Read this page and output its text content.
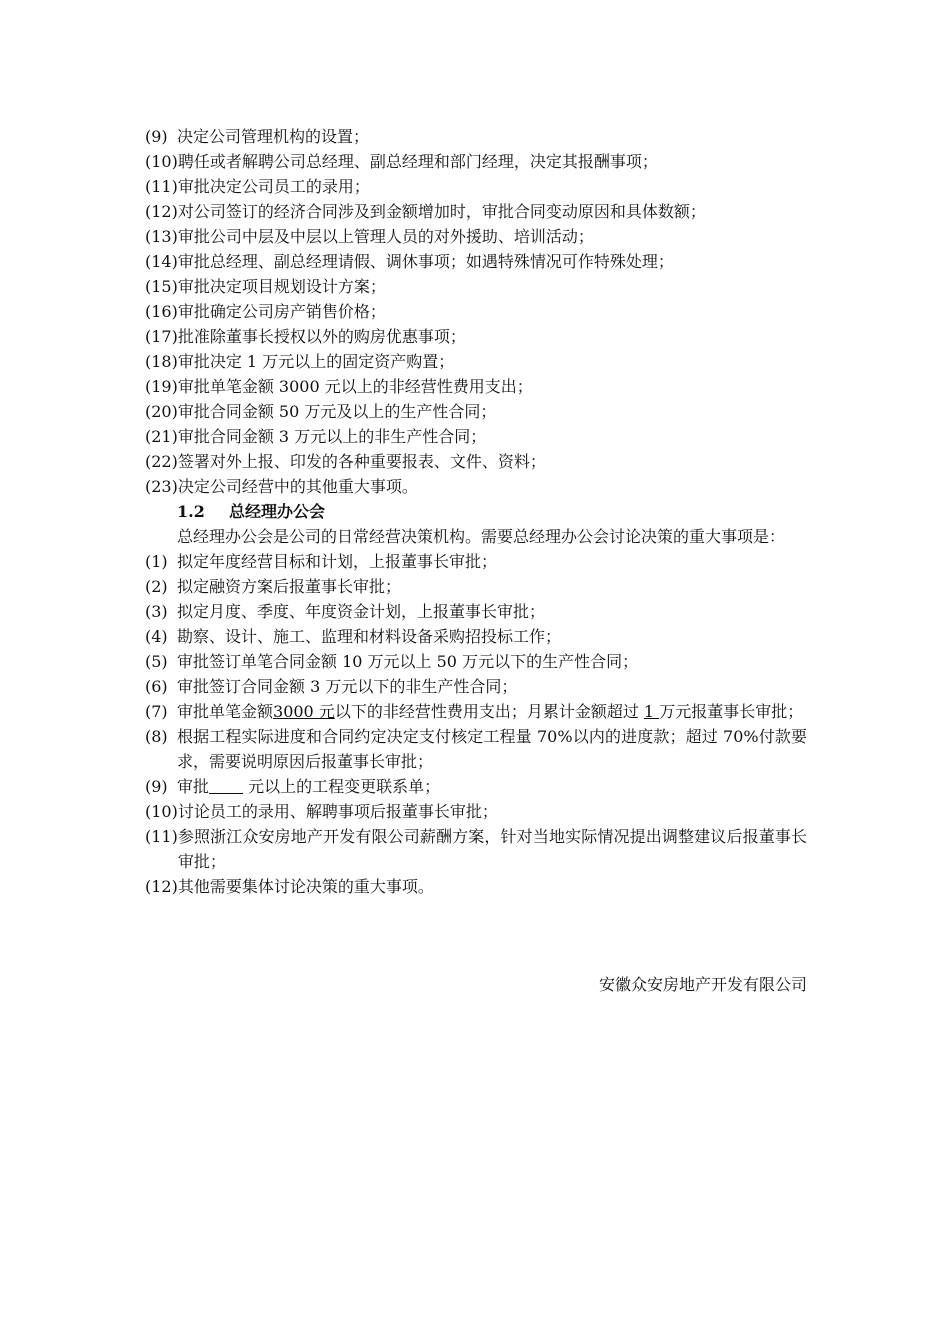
(9) 决定公司管理机构的设置；
(10) 聘任或者解聘公司总经理、副总经理和部门经理，决定其报酬事项；
(11) 审批决定公司员工的录用；
(12) 对公司签订的经济合同涉及到金额增加时，审批合同变动原因和具体数额；
(13) 审批公司中层及中层以上管理人员的对外援助、培训活动；
(14) 审批总经理、副总经理请假、调休事项；如遇特殊情况可作特殊处理；
(15) 审批决定项目规划设计方案；
(16) 审批确定公司房产销售价格；
(17) 批准除董事长授权以外的购房优惠事项；
(18) 审批决定 1 万元以上的固定资产购置；
(19) 审批单笔金额 3000 元以上的非经营性费用支出；
(20) 审批合同金额 50 万元及以上的生产性合同；
(21) 审批合同金额 3 万元以上的非生产性合同；
(22) 签署对外上报、印发的各种重要报表、文件、资料；
(23) 决定公司经营中的其他重大事项。
1.2 总经理办公会

总经理办公会是公司的日常经营决策机构。需要总经理办公会讨论决策的重大事项是：

(1) 拟定年度经营目标和计划，上报董事长审批；
(2) 拟定融资方案后报董事长审批；
(3) 拟定月度、季度、年度资金计划，上报董事长审批；
(4) 勘察、设计、施工、监理和材料设备采购招投标工作；
(5) 审批签订单笔合同金额 10 万元以上 50 万元以下的生产性合同；
(6) 审批签订合同金额 3 万元以下的非生产性合同；
(7) 审批单笔金额3000 元以下的非经营性费用支出；月累计金额超过 1 万元报董事长审批；
(8) 根据工程实际进度和合同约定决定支付核定工程量 70%以内的进度款；超过 70%付款要求，需要说明原因后报董事长审批；
(9) 审批 元以上的工程变更联系单；
(10) 讨论员工的录用、解聘事项后报董事长审批；
(11) 参照浙江众安房地产开发有限公司薪酬方案，针对当地实际情况提出调整建议后报董事长审批；
(12) 其他需要集体讨论决策的重大事项。
安徽众安房地产开发有限公司
